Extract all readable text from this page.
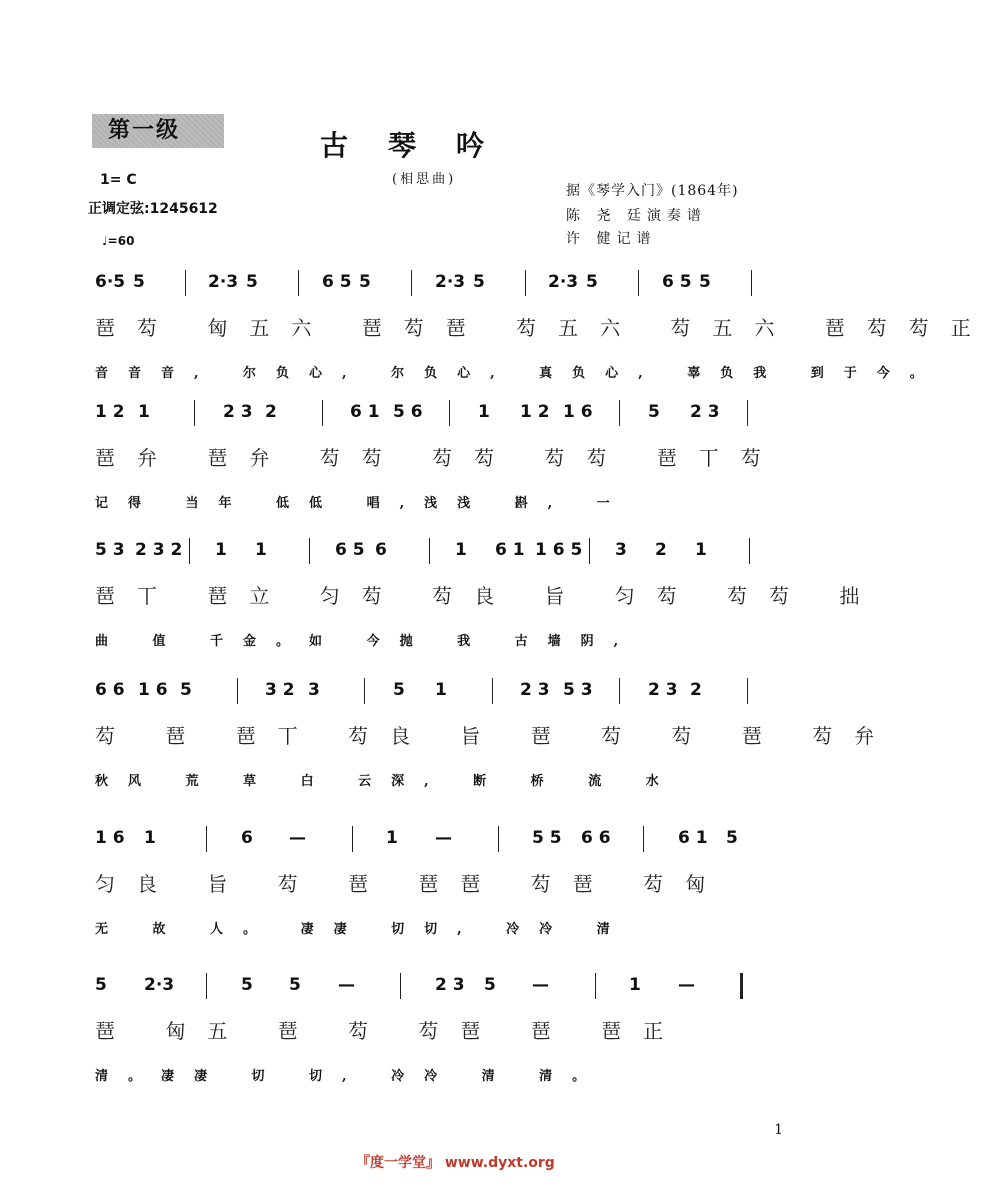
第一级	古琴吟
(相思曲)
1= C
正调定弦:1245612
♩=60
据《琴学入门》(1864年)
陈 尧 廷演奏谱
许 健记谱
6·5 5	2·3 5	6 5 5	2·3 5	2·3 5	6 5 5
琶芶 匈五六 琶芶琶 芶五六 芶五六 琶芶芶正
音音音, 尔负心, 尔负心, 真负心, 辜负我 到于今。
1 2 1	2 3 2	6 1 5 6	1 1 2 1 6	5 2 3
琶弁 琶弁 芶芶 芶芶 芶芶 琶丅芶
记得 当年 低低 唱,浅浅 斟, 一
5 3 2 3 2 1 1	6 5 6	1 6 1 1 6 5 3 2 1
琶丅 琶立 匀芶 芶良 旨 匀芶 芶芶 拙
曲 值 千金。如 今抛 我 古墙阴,
6 6 1 6 5	3 2 3	5 1	2 3 5 3	2 3 2
芶 琶 琶丅 芶良 旨 琶 芶 芶 琶 芶弁
秋风 荒 草 白 云深, 断 桥 流 水
1 6 1	6 —	1 —	5 5 6 6	6 1 5
匀良 旨 芶 琶 琶琶 芶琶 芶匈
无 故 人。 凄凄 切切, 冷冷 清
5 2·3	5 5 —	2 3 5 —	1 —
琶 匈五 琶 芶 芶琶 琶 琶正
清。凄凄 切 切, 冷冷 清 清。
1
『度一学堂』 www.dyxt.org
